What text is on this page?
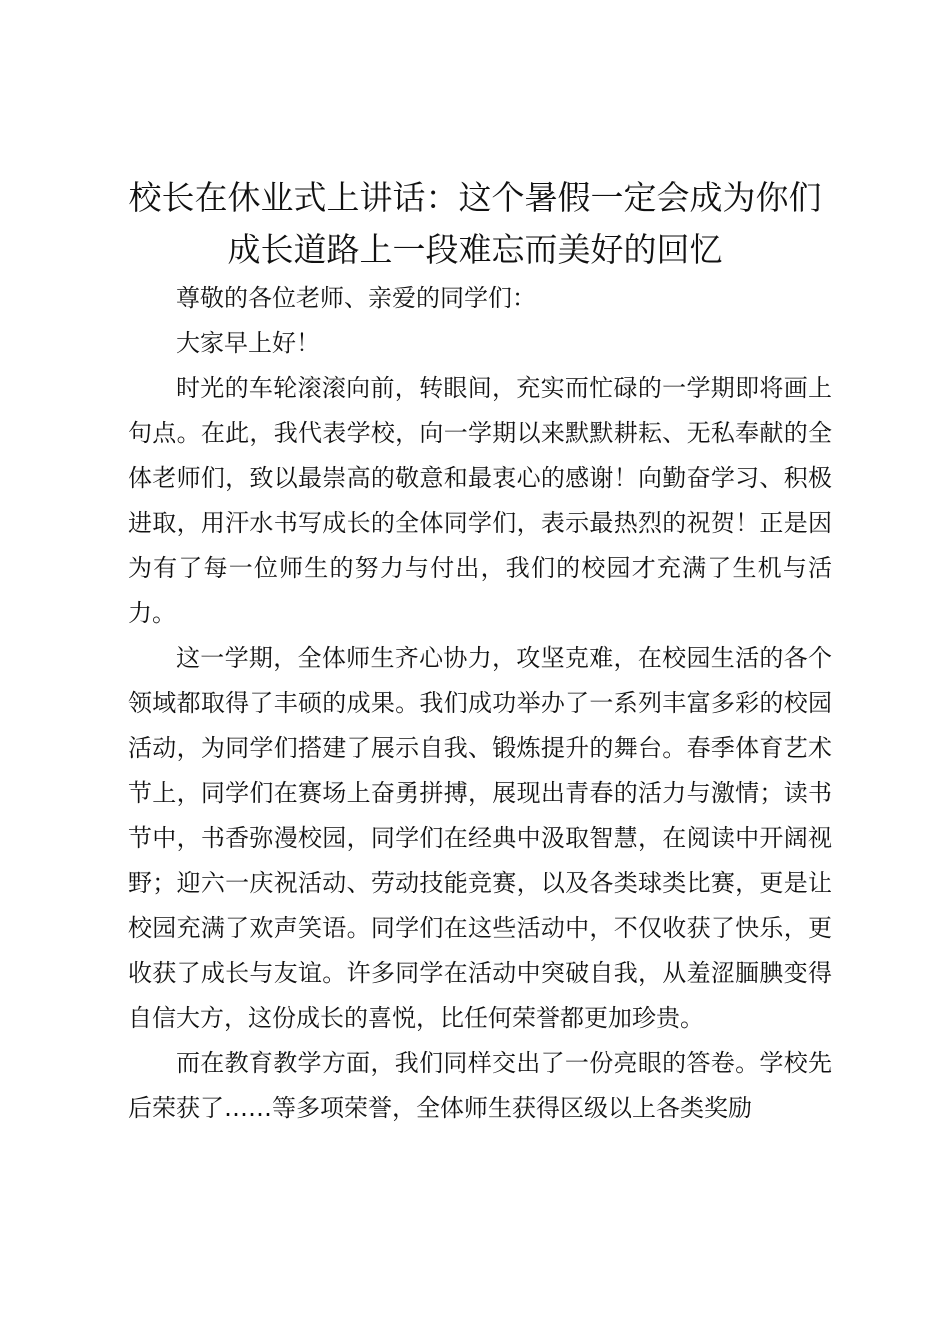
校长在休业式上讲话：这个暑假一定会成为你们成长道路上一段难忘而美好的回忆

尊敬的各位老师、亲爱的同学们：

大家早上好！

时光的车轮滚滚向前，转眼间，充实而忙碌的一学期即将画上句点。在此，我代表学校，向一学期以来默默耕耘、无私奉献的全体老师们，致以最崇高的敬意和最衷心的感谢！向勤奋学习、积极进取，用汗水书写成长的全体同学们，表示最热烈的祝贺！正是因为有了每一位师生的努力与付出，我们的校园才充满了生机与活力。

这一学期，全体师生齐心协力，攻坚克难，在校园生活的各个领域都取得了丰硕的成果。我们成功举办了一系列丰富多彩的校园活动，为同学们搭建了展示自我、锻炼提升的舞台。春季体育艺术节上，同学们在赛场上奋勇拼搏，展现出青春的活力与激情；读书节中，书香弥漫校园，同学们在经典中汲取智慧，在阅读中开阔视野；迎六一庆祝活动、劳动技能竞赛，以及各类球类比赛，更是让校园充满了欢声笑语。同学们在这些活动中，不仅收获了快乐，更收获了成长与友谊。许多同学在活动中突破自我，从羞涩腼腆变得自信大方，这份成长的喜悦，比任何荣誉都更加珍贵。

而在教育教学方面，我们同样交出了一份亮眼的答卷。学校先后荣获了……等多项荣誉，全体师生获得区级以上各类奖励
